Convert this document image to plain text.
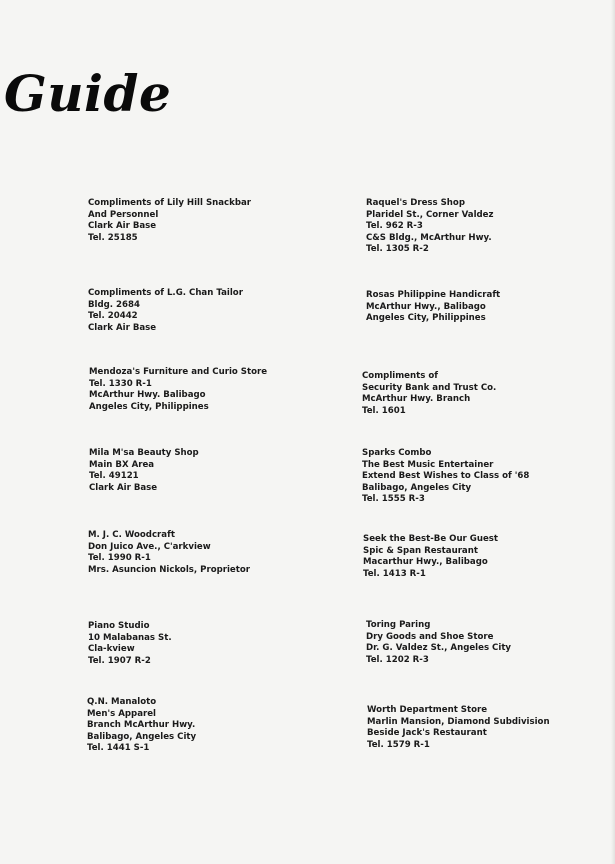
Guide
Compliments of Lily Hill Snackbar
And Personnel
Clark Air Base
Tel. 25185
Compliments of L.G. Chan Tailor
Bldg. 2684
Tel. 20442
Clark Air Base
Mendoza's Furniture and Curio Store
Tel. 1330 R-1
McArthur Hwy. Balibago
Angeles City, Philippines
Mila M'sa Beauty Shop
Main BX Area
Tel. 49121
Clark Air Base
M. J. C. Woodcraft
Don Juico Ave., C'arkview
Tel. 1990 R-1
Mrs. Asuncion Nickols, Proprietor
Piano Studio
10 Malabanas St.
Cla-kview
Tel. 1907 R-2
Q.N. Manaloto
Men's Apparel
Branch McArthur Hwy.
Balibago, Angeles City
Tel. 1441 S-1
Raquel's Dress Shop
Plaridel St., Corner Valdez
Tel. 962 R-3
C&S Bldg., McArthur Hwy.
Tel. 1305 R-2
Rosas Philippine Handicraft
McArthur Hwy., Balibago
Angeles City, Philippines
Compliments of
Security Bank and Trust Co.
McArthur Hwy. Branch
Tel. 1601
Sparks Combo
The Best Music Entertainer
Extend Best Wishes to Class of '68
Balibago, Angeles City
Tel. 1555 R-3
Seek the Best-Be Our Guest
Spic & Span Restaurant
Macarthur Hwy., Balibago
Tel. 1413 R-1
Toring Paring
Dry Goods and Shoe Store
Dr. G. Valdez St., Angeles City
Tel. 1202 R-3
Worth Department Store
Marlin Mansion, Diamond Subdivision
Beside Jack's Restaurant
Tel. 1579 R-1
